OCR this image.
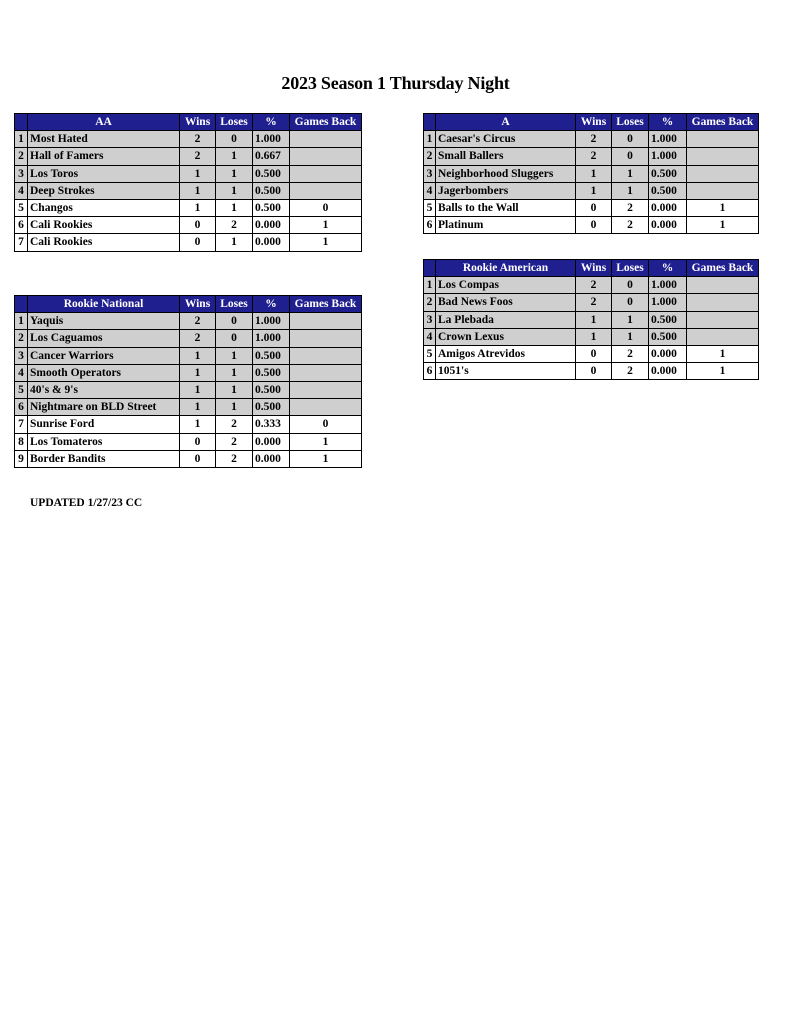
2023 Season 1 Thursday Night
	AA	Wins	Loses	%	Games Back
1	Most Hated	2	0	1.000	
2	Hall of Famers	2	1	0.667	
3	Los Toros	1	1	0.500	
4	Deep Strokes	1	1	0.500	
5	Changos	1	1	0.500	0
6	Cali Rookies	0	2	0.000	1
7	Cali Rookies	0	1	0.000	1
	A	Wins	Loses	%	Games Back
1	Caesar's Circus	2	0	1.000	
2	Small Ballers	2	0	1.000	
3	Neighborhood Sluggers	1	1	0.500	
4	Jagerbombers	1	1	0.500	
5	Balls to the Wall	0	2	0.000	1
6	Platinum	0	2	0.000	1
	Rookie American	Wins	Loses	%	Games Back
1	Los Compas	2	0	1.000	
2	Bad News Foos	2	0	1.000	
3	La Plebada	1	1	0.500	
4	Crown Lexus	1	1	0.500	
5	Amigos Atrevidos	0	2	0.000	1
6	1051's	0	2	0.000	1
	Rookie National	Wins	Loses	%	Games Back
1	Yaquis	2	0	1.000	
2	Los Caguamos	2	0	1.000	
3	Cancer Warriors	1	1	0.500	
4	Smooth Operators	1	1	0.500	
5	40's & 9's	1	1	0.500	
6	Nightmare on BLD Street	1	1	0.500	
7	Sunrise Ford	1	2	0.333	0
8	Los Tomateros	0	2	0.000	1
9	Border Bandits	0	2	0.000	1
UPDATED 1/27/23 CC
